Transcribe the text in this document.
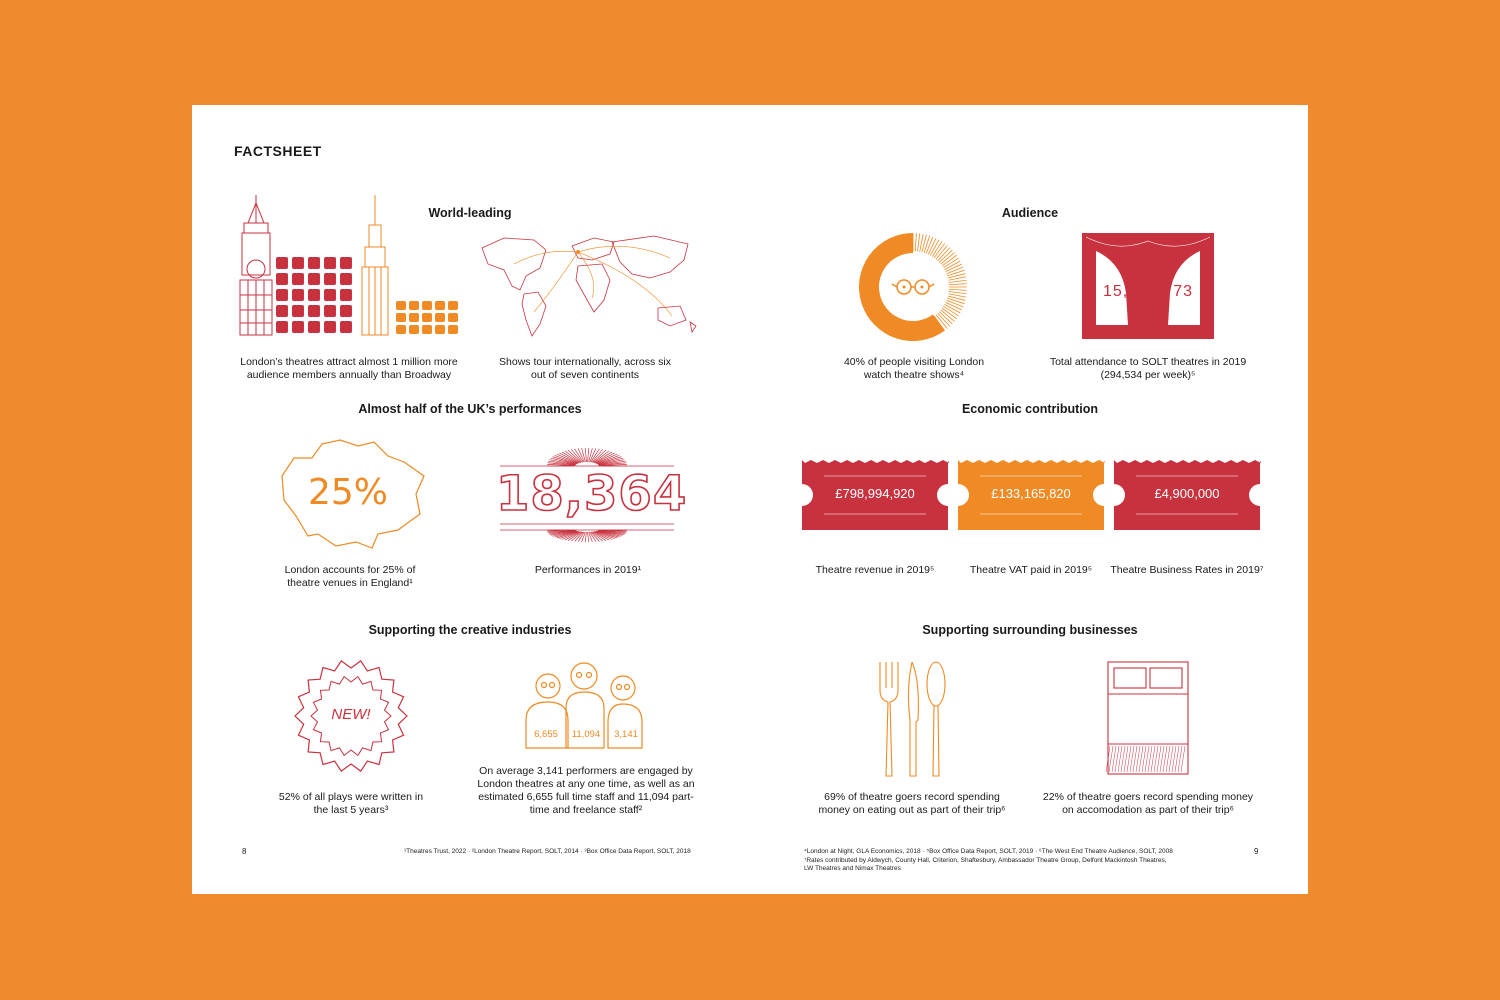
FACTSHEET
World-leading
London’s theatres attract almost 1 million more audience members annually than Broadway
Shows tour internationally, across six out of seven continents
Almost half of the UK’s performances
25% 18,364
London accounts for 25% of theatre venues in England¹
Performances in 2019¹
Supporting the creative industries
NEW!
6,655	11,094	3,141
52% of all plays were written in the last 5 years³
On average 3,141 performers are engaged by London theatres at any one time, as well as an estimated 6,655 full time staff and 11,094 part-time and freelance staff²
8	¹Theatres Trust, 2022 · ²London Theatre Report, SOLT, 2014 · ³Box Office Data Report, SOLT, 2018
Audience
15,315,773
40% of people visiting London watch theatre shows⁴
Total attendance to SOLT theatres in 2019 (294,534 per week)⁵
Economic contribution
£798,994,920	£133,165,820	£4,900,000
Theatre revenue in 2019⁵	Theatre VAT paid in 2019⁵	Theatre Business Rates in 2019⁷
Supporting surrounding businesses
69% of theatre goers record spending money on eating out as part of their trip⁶
22% of theatre goers record spending money on accomodation as part of their trip⁶
⁴London at Night, GLA Economics, 2018 · ⁵Box Office Data Report, SOLT, 2019 · ⁶The West End Theatre Audience, SOLT, 2008
⁷Rates contributed by Aldwych, County Hall, Criterion, Shaftesbury, Ambassador Theatre Group, Delfont Mackintosh Theatres,
LW Theatres and Nimax Theatres
9
